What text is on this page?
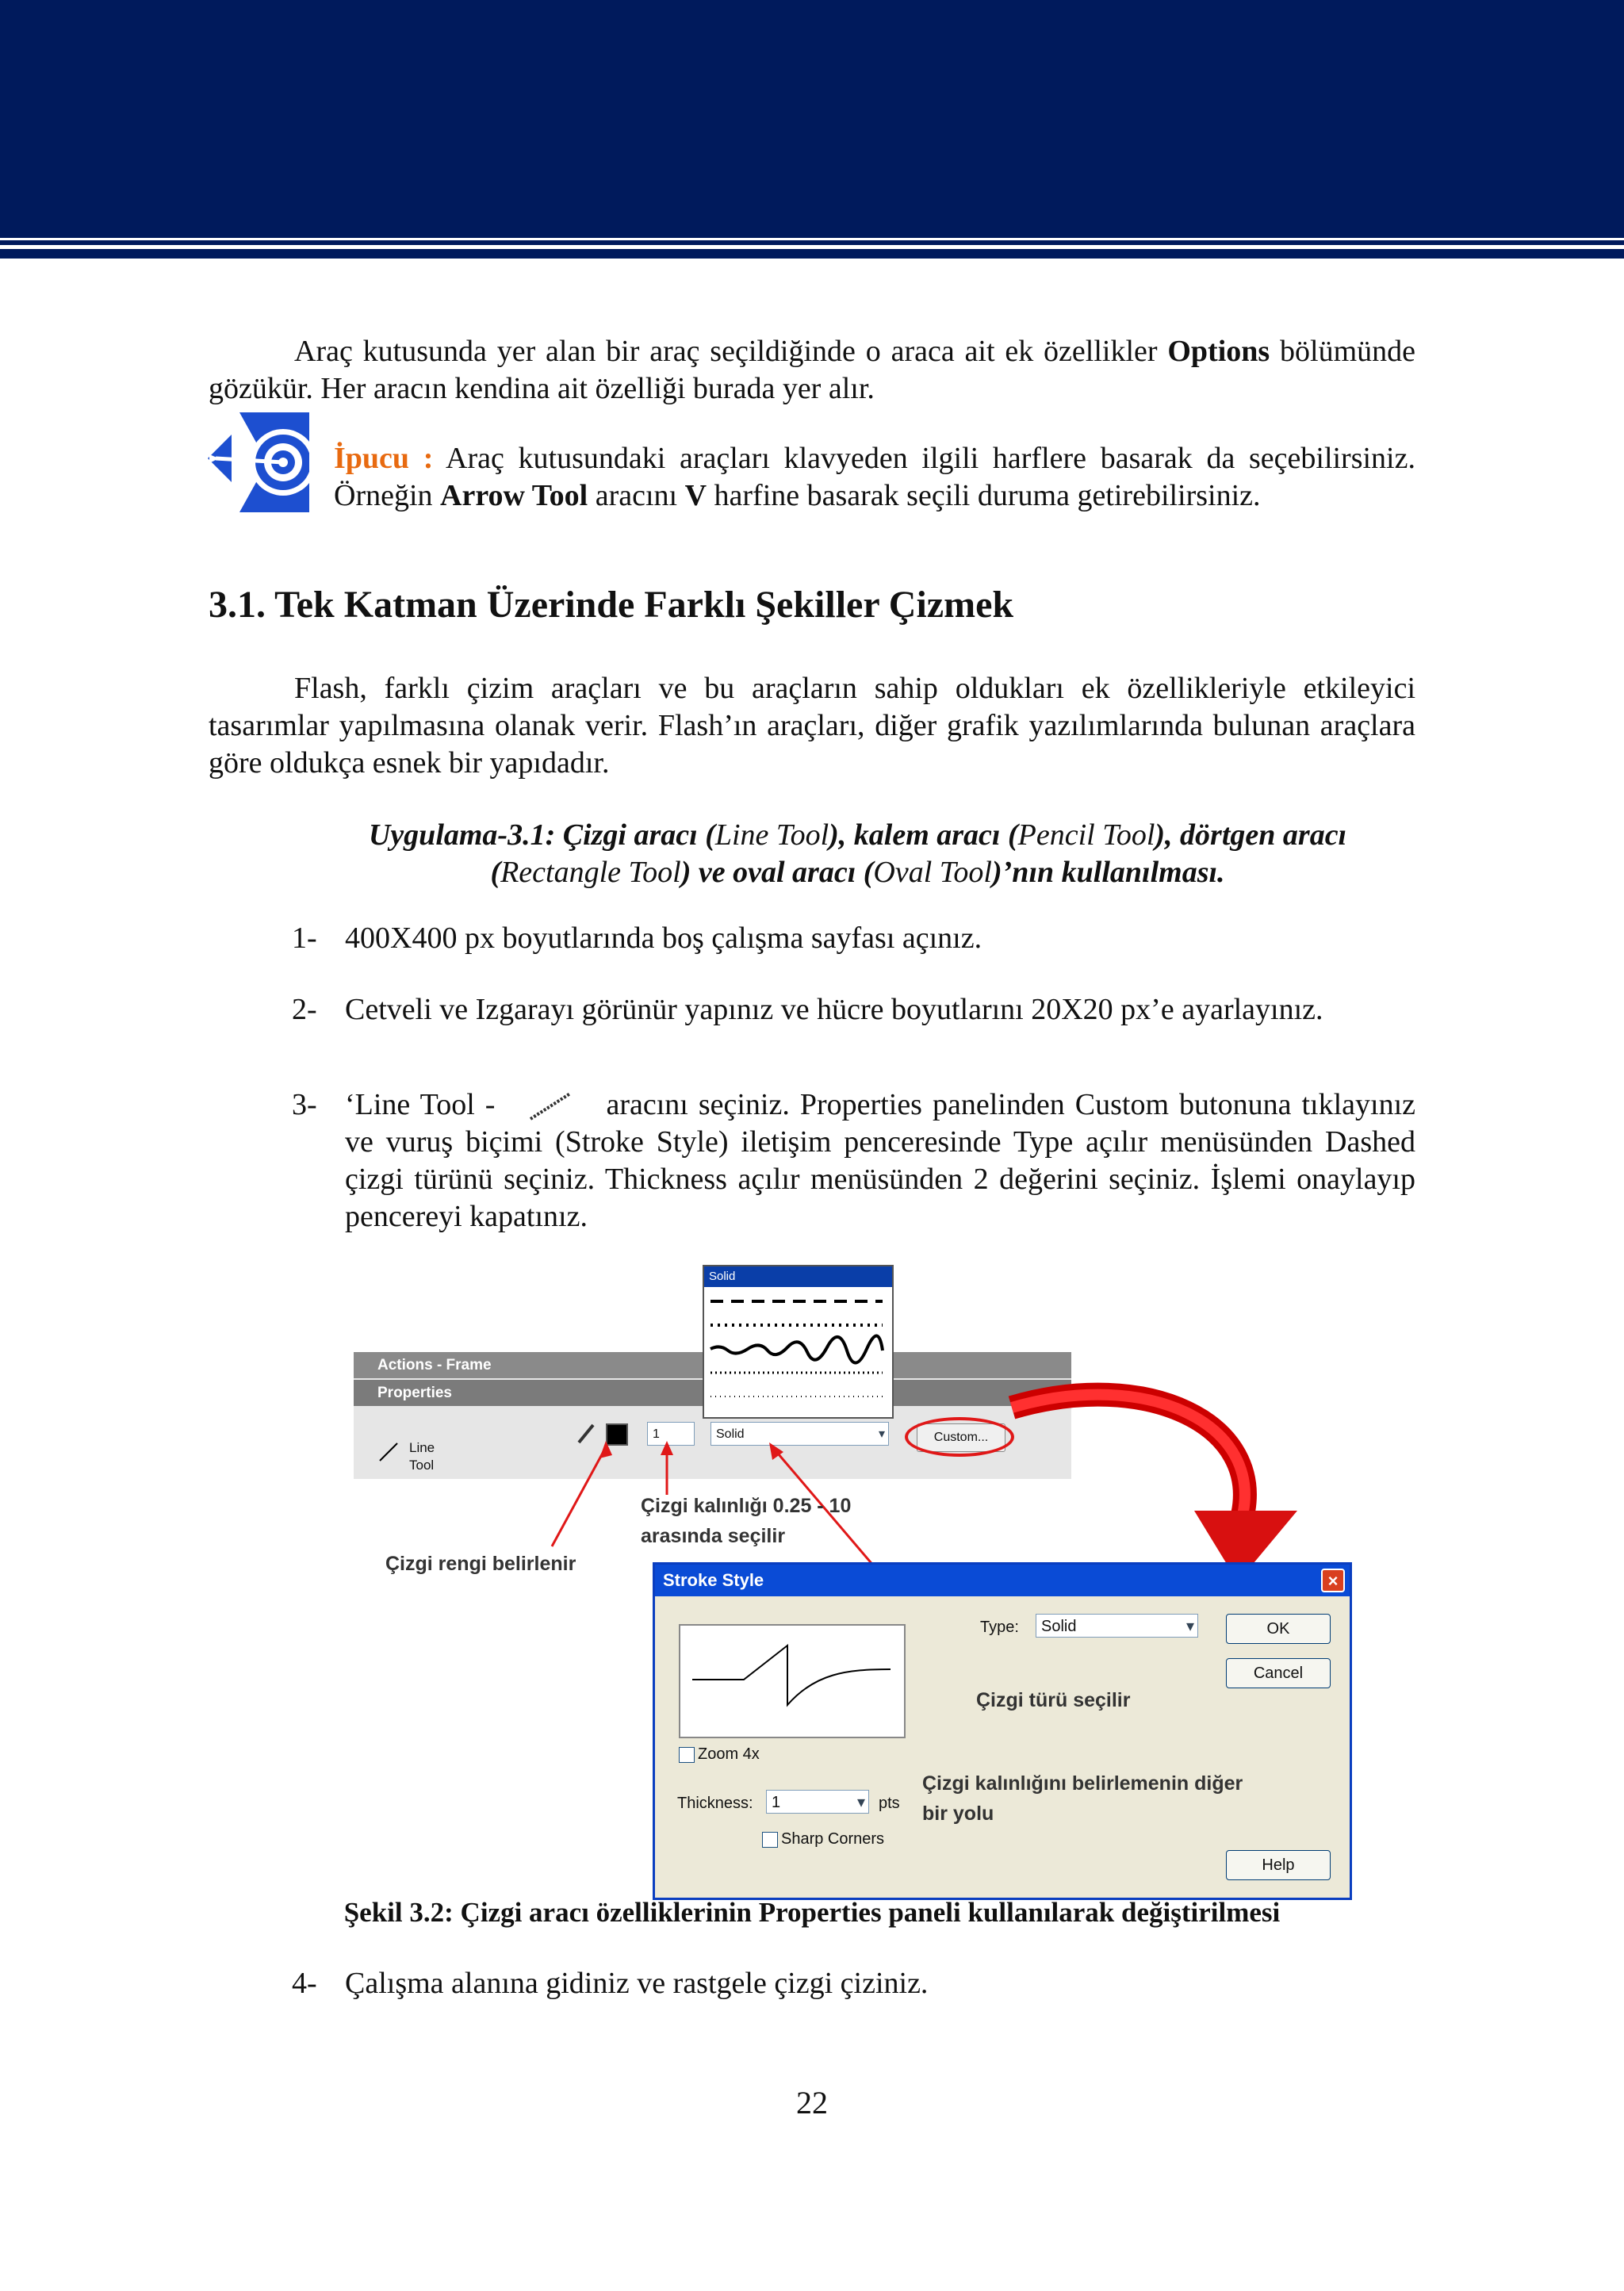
Araç kutusunda yer alan bir araç seçildiğinde o araca ait ek özellikler Options bölümünde gözükür. Her aracın kendina ait özelliği burada yer alır.

İpucu : Araç kutusundaki araçları klavyeden ilgili harflere basarak da seçebilirsiniz. Örneğin Arrow Tool aracını V harfine basarak seçili duruma getirebilirsiniz.

3.1. Tek Katman Üzerinde Farklı Şekiller Çizmek

Flash, farklı çizim araçları ve bu araçların sahip oldukları ek özellikleriyle etkileyici tasarımlar yapılmasına olanak verir. Flash’ın araçları, diğer grafik yazılımlarında bulunan araçlara göre oldukça esnek bir yapıdadır.

Uygulama-3.1: Çizgi aracı (Line Tool), kalem aracı (Pencil Tool), dörtgen aracı (Rectangle Tool) ve oval aracı (Oval Tool)’nın kullanılması.

1- 400X400 px boyutlarında boş çalışma sayfası açınız.
2- Cetveli ve Izgarayı görünür yapınız ve hücre boyutlarını 20X20 px’e ayarlayınız.
3- ‘Line Tool -	aracını seçiniz. Properties panelinden Custom butonuna tıklayınız ve vuruş biçimi (Stroke Style) iletişim penceresinde Type açılır menüsünden Dashed çizgi türünü seçiniz. Thickness açılır menüsünden 2 değerini seçiniz. İşlemi onaylayıp pencereyi kapatınız.
Actions - Frame
Properties
Line
Tool
1	Solid	▾	Custom...
Solid
Çizgi kalınlığı 0.25 - 10 arasında seçilir
Çizgi rengi belirlenir
Stroke Style	×
Zoom 4x
Thickness:	1	▾ pts
Sharp Corners
Type:	Solid	▾	OK
Cancel
Help
Çizgi türü seçilir
Çizgi kalınlığını belirlemenin diğer bir yolu
Şekil 3.2: Çizgi aracı özelliklerinin Properties paneli kullanılarak değiştirilmesi
4- Çalışma alanına gidiniz ve rastgele çizgi çiziniz.
22
